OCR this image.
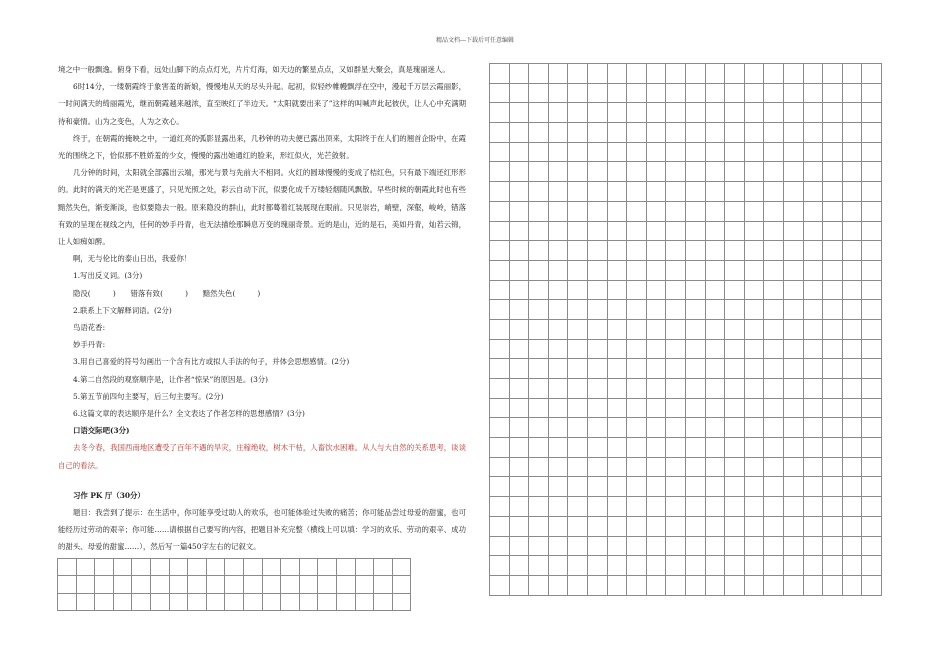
精品文档---下载后可任意编辑

境之中一般飘逸。俯身下看，远处山脚下的点点灯光，片片灯海，如天边的繁星点点，又如群星大聚会，真是瑰丽迷人。

6时14分，一缕朝霞终于象害羞的新娘，慢慢地从天的尽头升起。起初，似轻纱帷幔飘浮在空中，漫起千万层云霞丽影，一时间满天的绮丽霞光，继而朝霞越来越浓，直至映红了半边天。“太阳就要出来了”这样的叫喊声此起彼伏，让人心中充满期待和豪情。山为之变色，人为之欢心。

终于，在朝霞的掩映之中，一道红亮的弧影显露出来，几秒钟的功夫便已露出顶来，太阳终于在人们的翘首企盼中，在霞光的围绕之下，恰似那不胜娇羞的少女，慢慢的露出她通红的脸来，形红似火，光芒敛射。

几分钟的时间，太阳就全部露出云端，那光与景与先前大不相同。火红的圆球慢慢的变成了桔红色，只有最下端还红形形的。此时的满天的光芒是更盛了，只见光照之处，彩云自动下沉，似要化成千万缕轻烟随风飘散。早些时候的朝霞此时也有些黯然失色，渐变渐淡，也似要隐去一般。原来隐没的群山，此时都蓦着红装展现在眼前。只见崇岩，峭壁，深壑，峻岭，错落有致的呈现在视线之内，任何的妙手丹青，也无法描绘那瞬息万变的瑰丽奇景。近的是山，近的是石，美如丹青，灿若云锦，让人如痴如醉。

啊，无与伦比的泰山日出，我爱你！

1.写出反义词。(3分)

隐没(　　　)　　错落有致(　　　)　　黯然失色(　　　)

2.联系上下文解释词语。(2分)

鸟语花香:

妙手丹青:

3.用自己喜爱的符号勾画出一个含有比方或拟人手法的句子，并体会思想感情。(2分)

4.第二自然段的观察顺序是，让作者“惊呆”的原因是。(3分)

5.第五节前四句主要写，后三句主要写。(2分)

6.这篇文章的表达顺序是什么？全文表达了作者怎样的思想感情？(3分)

口语交际吧(3分)

去冬今春，我国西南地区遭受了百年不遇的旱灾，庄稼绝收，树木干枯，人畜饮水困难。从人与大自然的关系思考，谈谈自己的看法。

习作 PK 厅（30分）

题目：我尝到了提示：在生活中，你可能享受过助人的欢乐，也可能体验过失败的痛苦；你可能品尝过母爱的甜蜜，也可能经历过劳动的艰辛；你可能……请根据自己要写的内容，把题目补充完整（横线上可以填：学习的欢乐、劳动的艰辛、成功的甜头、母爱的甜蜜……），然后写一篇450字左右的记叙文。
